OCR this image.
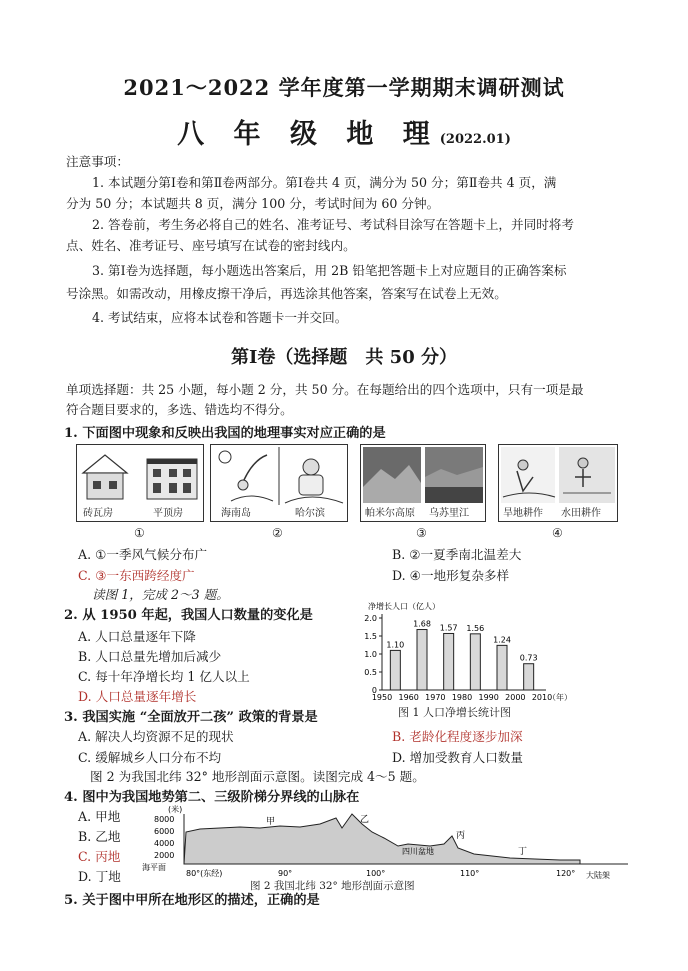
2021～2022 学年度第一学期期末调研测试
八 年 级 地 理(2022.01)
注意事项：
1. 本试题分第Ⅰ卷和第Ⅱ卷两部分。第Ⅰ卷共 4 页，满分为 50 分；第Ⅱ卷共 4 页，满
分为 50 分；本试题共 8 页，满分 100 分，考试时间为 60 分钟。
2. 答卷前，考生务必将自己的姓名、准考证号、考试科目涂写在答题卡上，并同时将考
点、姓名、准考证号、座号填写在试卷的密封线内。
3. 第Ⅰ卷为选择题，每小题选出答案后，用 2B 铅笔把答题卡上对应题目的正确答案标
号涂黑。如需改动，用橡皮擦干净后，再选涂其他答案，答案写在试卷上无效。
4. 考试结束，应将本试卷和答题卡一并交回。
第Ⅰ卷（选择题　共 50 分）
单项选择题：共 25 小题，每小题 2 分，共 50 分。在每题给出的四个选项中，只有一项是最
符合题目要求的，多选、错选均不得分。
1. 下面图中现象和反映出我国的地理事实对应正确的是
砖瓦房	平顶房	海南岛	哈尔滨	帕米尔高原 乌苏里江	旱地耕作 水田耕作
①	②	③	④
A. ①一季风气候分布广	B. ②一夏季南北温差大
C. ③一东西跨经度广	D. ④一地形复杂多样
读图 1，完成 2～3 题。
2. 从 1950 年起，我国人口数量的变化是
A. 人口总量逐年下降
B. 人口总量先增加后减少
C. 每十年净增长均 1 亿人以上
D. 人口总量逐年增长
净增长人口（亿人）
0
0.5
1.0
1.5
2.0
1950 1960 1970 1980 1990 2000 2010
（年）
1.10
1.68 1.57 1.56
1.24
0.73
图 1 人口净增长统计图
3. 我国实施 “全面放开二孩” 政策的背景是
A. 解决人均资源不足的现状	B. 老龄化程度逐步加深
C. 缓解城乡人口分布不均	D. 增加受教育人口数量
图 2 为我国北纬 32° 地形剖面示意图。读图完成 4～5 题。
4. 图中为我国地势第二、三级阶梯分界线的山脉在
A. 甲地
B. 乙地
C. 丙地
D. 丁地
(米)
8000
6000
4000
2000
海平面
甲	乙
丙
丁
四川盆地
大陆架
80°(东经)	90°	100°	110°	120°
图 2 我国北纬 32° 地形剖面示意图
5. 关于图中甲所在地形区的描述，正确的是
